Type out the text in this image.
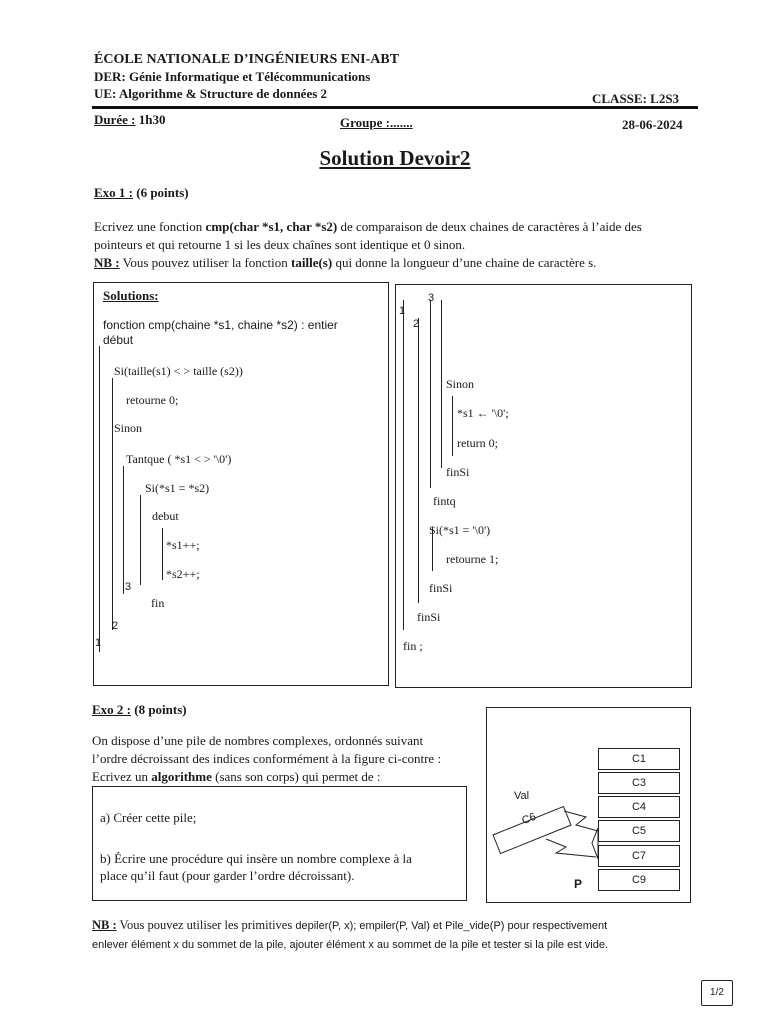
ÉCOLE NATIONALE D’INGÉNIEURS ENI-ABT
DER: Génie Informatique et Télécommunications
UE: Algorithme & Structure de données 2	CLASSE: L2S3
Durée : 1h30	Groupe :.......	28-06-2024
Solution Devoir2
Exo 1 : (6 points)
Ecrivez une fonction cmp(char *s1, char *s2) de comparaison de deux chaines de caractères à l’aide des
pointeurs et qui retourne 1 si les deux chaînes sont identique et 0 sinon.
NB : Vous pouvez utiliser la fonction taille(s) qui donne la longueur d’une chaine de caractère s.
Solutions:
fonction cmp(chaine *s1, chaine *s2) : entier
début
Si(taille(s1) < > taille (s2))
retourne 0;
Sinon
Tantque ( *s1 < > '\0')
Si(*s1 = *s2)
debut
*s1++;
*s2++;
fin
3
2
1
3
1
2
Sinon
*s1 ← '\0';
return 0;
finSi
fintq
Si(*s1 = '\0')
retourne 1;
finSi
finSi
fin ;
Exo 2 : (8 points)
On dispose d’une pile de nombres complexes, ordonnés suivant
l’ordre décroissant des indices conformément à la figure ci-contre :
Ecrivez un algorithme (sans son corps) qui permet de :
a) Créer cette pile;
b) Écrire une procédure qui insère un nombre complexe à la
place qu’il faut (pour garder l’ordre décroissant).
C1
C3
C4
C5
C7
C9
Val
P
C6
NB : Vous pouvez utiliser les primitives depiler(P, x); empiler(P, Val) et Pile_vide(P) pour respectivement
enlever élément x du sommet de la pile, ajouter élément x au sommet de la pile et tester si la pile est vide.
1/2
